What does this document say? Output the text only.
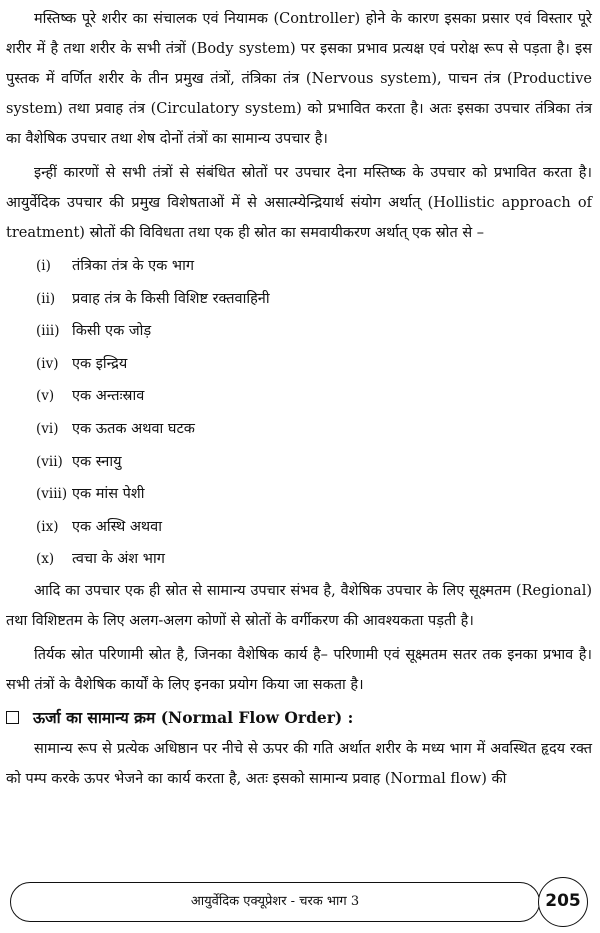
मस्तिष्क पूरे शरीर का संचालक एवं नियामक (Controller) होने के कारण इसका प्रसार एवं विस्तार पूरे शरीर में है तथा शरीर के सभी तंत्रों (Body system) पर इसका प्रभाव प्रत्यक्ष एवं परोक्ष रूप से पड़ता है। इस पुस्तक में वर्णित शरीर के तीन प्रमुख तंत्रों, तंत्रिका तंत्र (Nervous system), पाचन तंत्र (Productive system) तथा प्रवाह तंत्र (Circulatory system) को प्रभावित करता है। अतः इसका उपचार तंत्रिका तंत्र का वैशेषिक उपचार तथा शेष दोनों तंत्रों का सामान्य उपचार है।

इन्हीं कारणों से सभी तंत्रों से संबंधित स्रोतों पर उपचार देना मस्तिष्क के उपचार को प्रभावित करता है। आयुर्वेदिक उपचार की प्रमुख विशेषताओं में से असात्म्येन्द्रियार्थ संयोग अर्थात् (Hollistic approach of treatment) स्रोतों की विविधता तथा एक ही स्रोत का समवायीकरण अर्थात् एक स्रोत से –

(i) तंत्रिका तंत्र के एक भाग
(ii) प्रवाह तंत्र के किसी विशिष्ट रक्तवाहिनी
(iii) किसी एक जोड़
(iv) एक इन्द्रिय
(v) एक अन्तःस्राव
(vi) एक ऊतक अथवा घटक
(vii) एक स्नायु
(viii) एक मांस पेशी
(ix) एक अस्थि अथवा
(x) त्वचा के अंश भाग

आदि का उपचार एक ही स्रोत से सामान्य उपचार संभव है, वैशेषिक उपचार के लिए सूक्ष्मतम (Regional) तथा विशिष्टतम के लिए अलग-अलग कोणों से स्रोतों के वर्गीकरण की आवश्यकता पड़ती है।

तिर्यक स्रोत परिणामी स्रोत है, जिनका वैशेषिक कार्य है– परिणामी एवं सूक्ष्मतम सतर तक इनका प्रभाव है। सभी तंत्रों के वैशेषिक कार्यों के लिए इनका प्रयोग किया जा सकता है।

ऊर्जा का सामान्य क्रम (Normal Flow Order) :

सामान्य रूप से प्रत्येक अधिष्ठान पर नीचे से ऊपर की गति अर्थात शरीर के मध्य भाग में अवस्थित हृदय रक्त को पम्प करके ऊपर भेजने का कार्य करता है, अतः इसको सामान्य प्रवाह (Normal flow) की

आयुर्वेदिक एक्यूप्रेशर - चरक भाग 3	205
